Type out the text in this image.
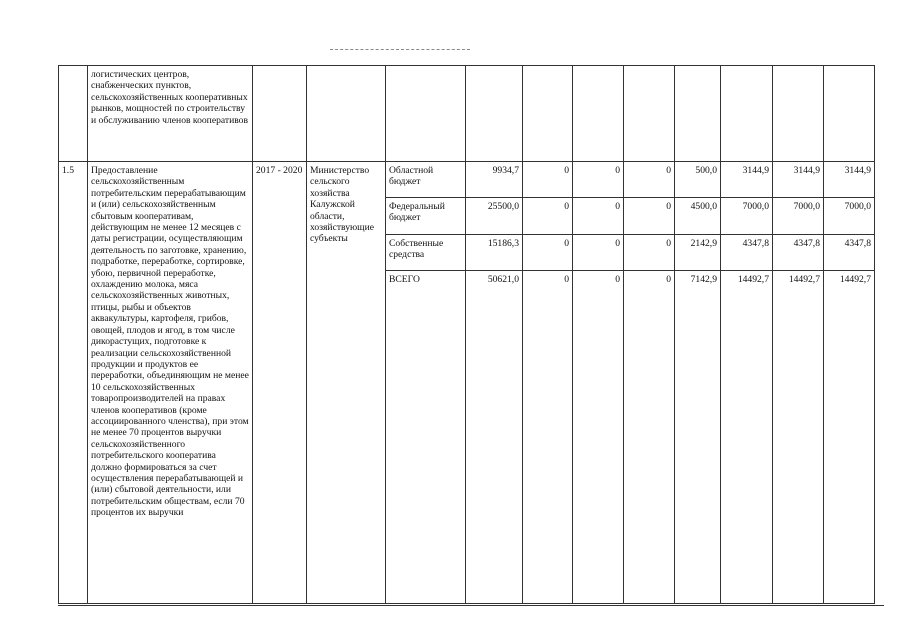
	логистических центров, снабженческих пунктов, сельскохозяйственных кооперативных рынков, мощностей по строительству и обслуживанию членов кооперативов											
1.5	Предоставление сельскохозяйственным потребительским перерабатывающим и (или) сельскохозяйственным сбытовым кооперативам, действующим не менее 12 месяцев с даты регистрации, осуществляющим деятельность по заготовке, хранению, подработке, переработке, сортировке, убою, первичной переработке, охлаждению молока, мяса сельскохозяйственных животных, птицы, рыбы и объектов аквакультуры, картофеля, грибов, овощей, плодов и ягод, в том числе дикорастущих, подготовке к реализации сельскохозяйственной продукции и продуктов ее переработки, объединяющим не менее 10 сельскохозяйственных товаропроизводителей на правах членов кооперативов (кроме ассоциированного членства), при этом не менее 70 процентов выручки сельскохозяйственного потребительского кооператива должно формироваться за счет осуществления перерабатывающей и (или) сбытовой деятельности, или потребительским обществам, если 70 процентов их выручки	2017 - 2020	Министерство сельского хозяйства Калужской области, хозяйствующие субъекты	Областной бюджет	9934,7	0	0	0	500,0	3144,9	3144,9	3144,9
				Федеральный бюджет	25500,0	0	0	0	4500,0	7000,0	7000,0	7000,0
				Собственные средства	15186,3	0	0	0	2142,9	4347,8	4347,8	4347,8
				ВСЕГО	50621,0	0	0	0	7142,9	14492,7	14492,7	14492,7
